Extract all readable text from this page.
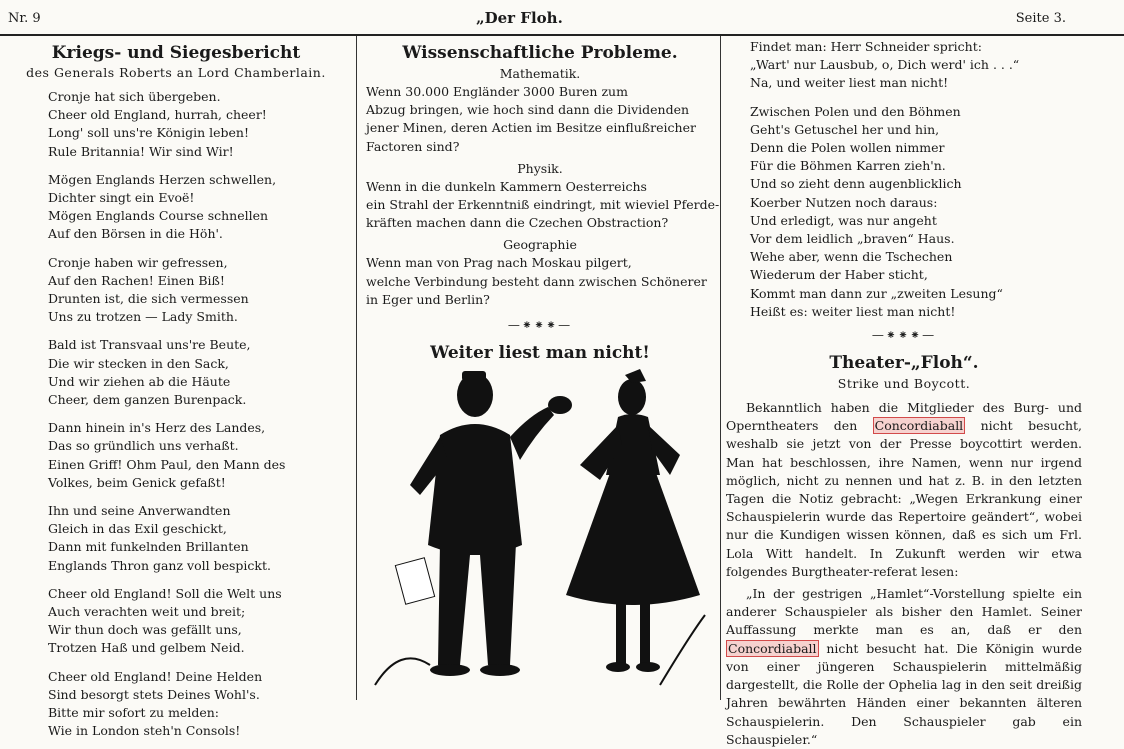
Nr. 9	„Der Floh.	Seite 3.
Kriegs- und Siegesbericht
des Generals Roberts an Lord Chamberlain.
Cronje hat sich übergeben.
Cheer old England, hurrah, cheer!
Long' soll uns're Königin leben!
Rule Britannia! Wir sind Wir!
Mögen Englands Herzen schwellen,
Dichter singt ein Evoë!
Mögen Englands Course schnellen
Auf den Börsen in die Höh'.
Cronje haben wir gefressen,
Auf den Rachen! Einen Biß!
Drunten ist, die sich vermessen
Uns zu trotzen — Lady Smith.
Bald ist Transvaal uns're Beute,
Die wir stecken in den Sack,
Und wir ziehen ab die Häute
Cheer, dem ganzen Burenpack.
Dann hinein in's Herz des Landes,
Das so gründlich uns verhaßt.
Einen Griff! Ohm Paul, den Mann des
Volkes, beim Genick gefaßt!
Ihn und seine Anverwandten
Gleich in das Exil geschickt,
Dann mit funkelnden Brillanten
Englands Thron ganz voll bespickt.
Cheer old England! Soll die Welt uns
Auch verachten weit und breit;
Wir thun doch was gefällt uns,
Trotzen Haß und gelbem Neid.
Cheer old England! Deine Helden
Sind besorgt stets Deines Wohl's.
Bitte mir sofort zu melden:
Wie in London steh'n Consols!
Wissenschaftliche Probleme.
Mathematik.
Wenn 30.000 Engländer 3000 Buren zum
Abzug bringen, wie hoch sind dann die Dividenden
jener Minen, deren Actien im Besitze einflußreicher
Factoren sind?
Physik.
Wenn in die dunkeln Kammern Oesterreichs
ein Strahl der Erkenntniß eindringt, mit wieviel Pferde-
kräften machen dann die Czechen Obstraction?
Geographie
Wenn man von Prag nach Moskau pilgert,
welche Verbindung besteht dann zwischen Schönerer
in Eger und Berlin?
—⁕⁕⁕—
Weiter liest man nicht!
Findet man: Herr Schneider spricht:
„Wart' nur Lausbub, o, Dich werd' ich . . .“
Na, und weiter liest man nicht!
Zwischen Polen und den Böhmen
Geht's Getuschel her und hin,
Denn die Polen wollen nimmer
Für die Böhmen Karren zieh'n.
Und so zieht denn augenblicklich
Koerber Nutzen noch daraus:
Und erledigt, was nur angeht
Vor dem leidlich „braven“ Haus.
Wehe aber, wenn die Tschechen
Wiederum der Haber sticht,
Kommt man dann zur „zweiten Lesung“
Heißt es: weiter liest man nicht!
—⁕⁕⁕—
Theater-„Floh“.
Strike und Boycott.
Bekanntlich haben die Mitglieder des Burg- und Operntheaters den Concordiaball nicht besucht, weshalb sie jetzt von der Presse boycottirt werden. Man hat beschlossen, ihre Namen, wenn nur irgend möglich, nicht zu nennen und hat z. B. in den letzten Tagen die Notiz gebracht: „Wegen Erkrankung einer Schauspielerin wurde das Repertoire geändert“, wobei nur die Kundigen wissen können, daß es sich um Frl. Lola Witt handelt. In Zukunft werden wir etwa folgendes Burgtheater-referat lesen:
„In der gestrigen „Hamlet“-Vorstellung spielte ein anderer Schauspieler als bisher den Hamlet. Seiner Auffassung merkte man es an, daß er den Concordiaball nicht besucht hat. Die Königin wurde von einer jüngeren Schauspielerin mittelmäßig dargestellt, die Rolle der Ophelia lag in den seit dreißig Jahren bewährten Händen einer bekannten älteren Schauspielerin. Den Schauspieler gab ein Schauspieler.“
